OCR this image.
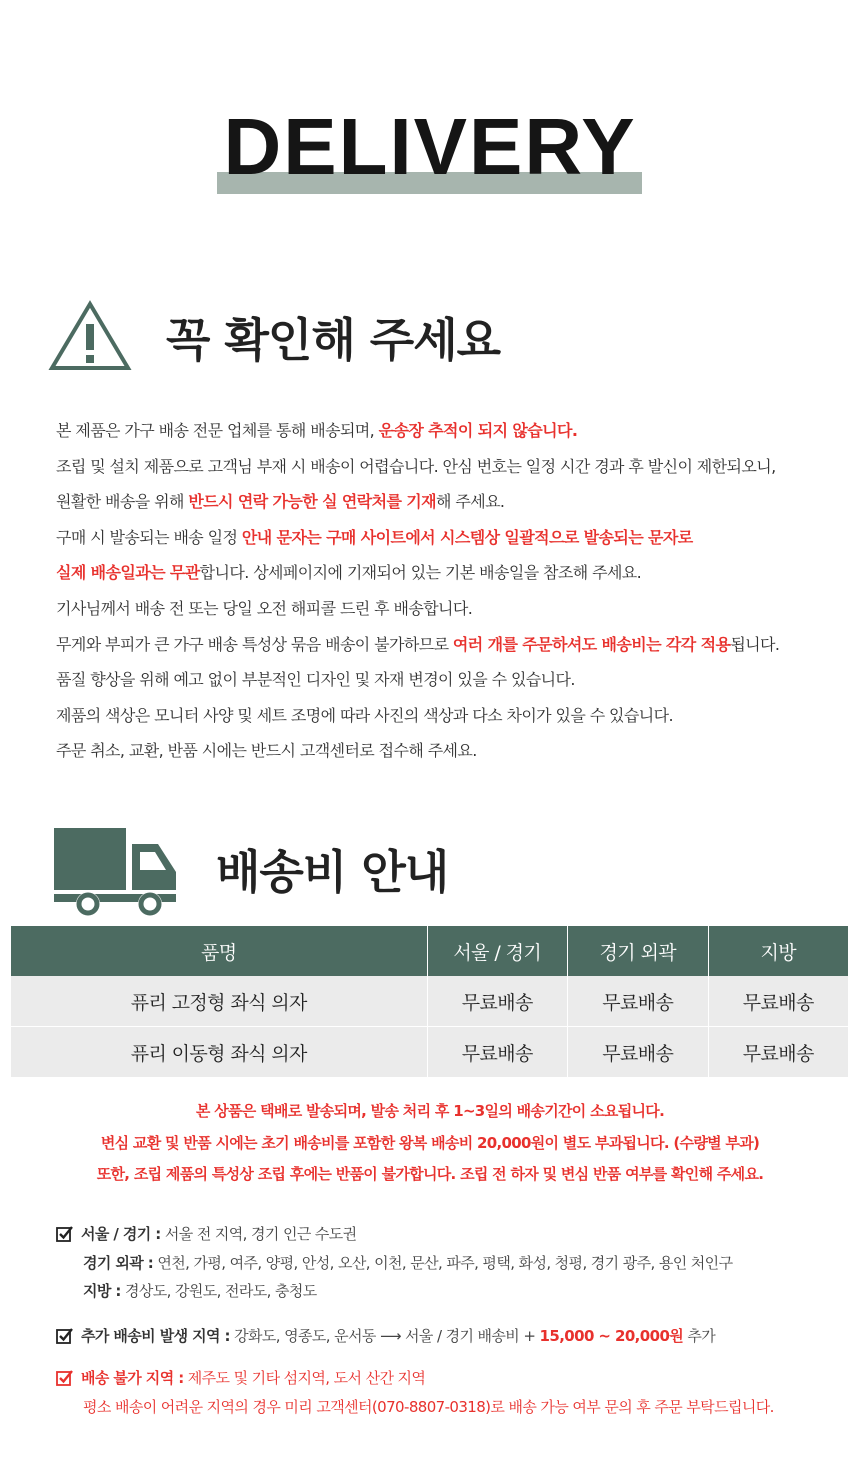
DELIVERY
꼭 확인해 주세요
본 제품은 가구 배송 전문 업체를 통해 배송되며, 운송장 추적이 되지 않습니다.
조립 및 설치 제품으로 고객님 부재 시 배송이 어렵습니다. 안심 번호는 일정 시간 경과 후 발신이 제한되오니,
원활한 배송을 위해 반드시 연락 가능한 실 연락처를 기재해 주세요.
구매 시 발송되는 배송 일정 안내 문자는 구매 사이트에서 시스템상 일괄적으로 발송되는 문자로
실제 배송일과는 무관합니다. 상세페이지에 기재되어 있는 기본 배송일을 참조해 주세요.
기사님께서 배송 전 또는 당일 오전 해피콜 드린 후 배송합니다.
무게와 부피가 큰 가구 배송 특성상 묶음 배송이 불가하므로 여러 개를 주문하셔도 배송비는 각각 적용됩니다.
품질 향상을 위해 예고 없이 부분적인 디자인 및 자재 변경이 있을 수 있습니다.
제품의 색상은 모니터 사양 및 세트 조명에 따라 사진의 색상과 다소 차이가 있을 수 있습니다.
주문 취소, 교환, 반품 시에는 반드시 고객센터로 접수해 주세요.
배송비 안내
품명	서울 / 경기	경기 외곽	지방
퓨리 고정형 좌식 의자	무료배송	무료배송	무료배송
퓨리 이동형 좌식 의자	무료배송	무료배송	무료배송
본 상품은 택배로 발송되며, 발송 처리 후 1~3일의 배송기간이 소요됩니다.
변심 교환 및 반품 시에는 초기 배송비를 포함한 왕복 배송비 20,000원이 별도 부과됩니다. (수량별 부과)
또한, 조립 제품의 특성상 조립 후에는 반품이 불가합니다. 조립 전 하자 및 변심 반품 여부를 확인해 주세요.
서울 / 경기 : 서울 전 지역, 경기 인근 수도권
경기 외곽 : 연천, 가평, 여주, 양평, 안성, 오산, 이천, 문산, 파주, 평택, 화성, 청평, 경기 광주, 용인 처인구
지방 : 경상도, 강원도, 전라도, 충청도
추가 배송비 발생 지역 : 강화도, 영종도, 운서동 ⟶ 서울 / 경기 배송비 + 15,000 ~ 20,000원 추가
배송 불가 지역 : 제주도 및 기타 섬지역, 도서 산간 지역
평소 배송이 어려운 지역의 경우 미리 고객센터(070-8807-0318)로 배송 가능 여부 문의 후 주문 부탁드립니다.
